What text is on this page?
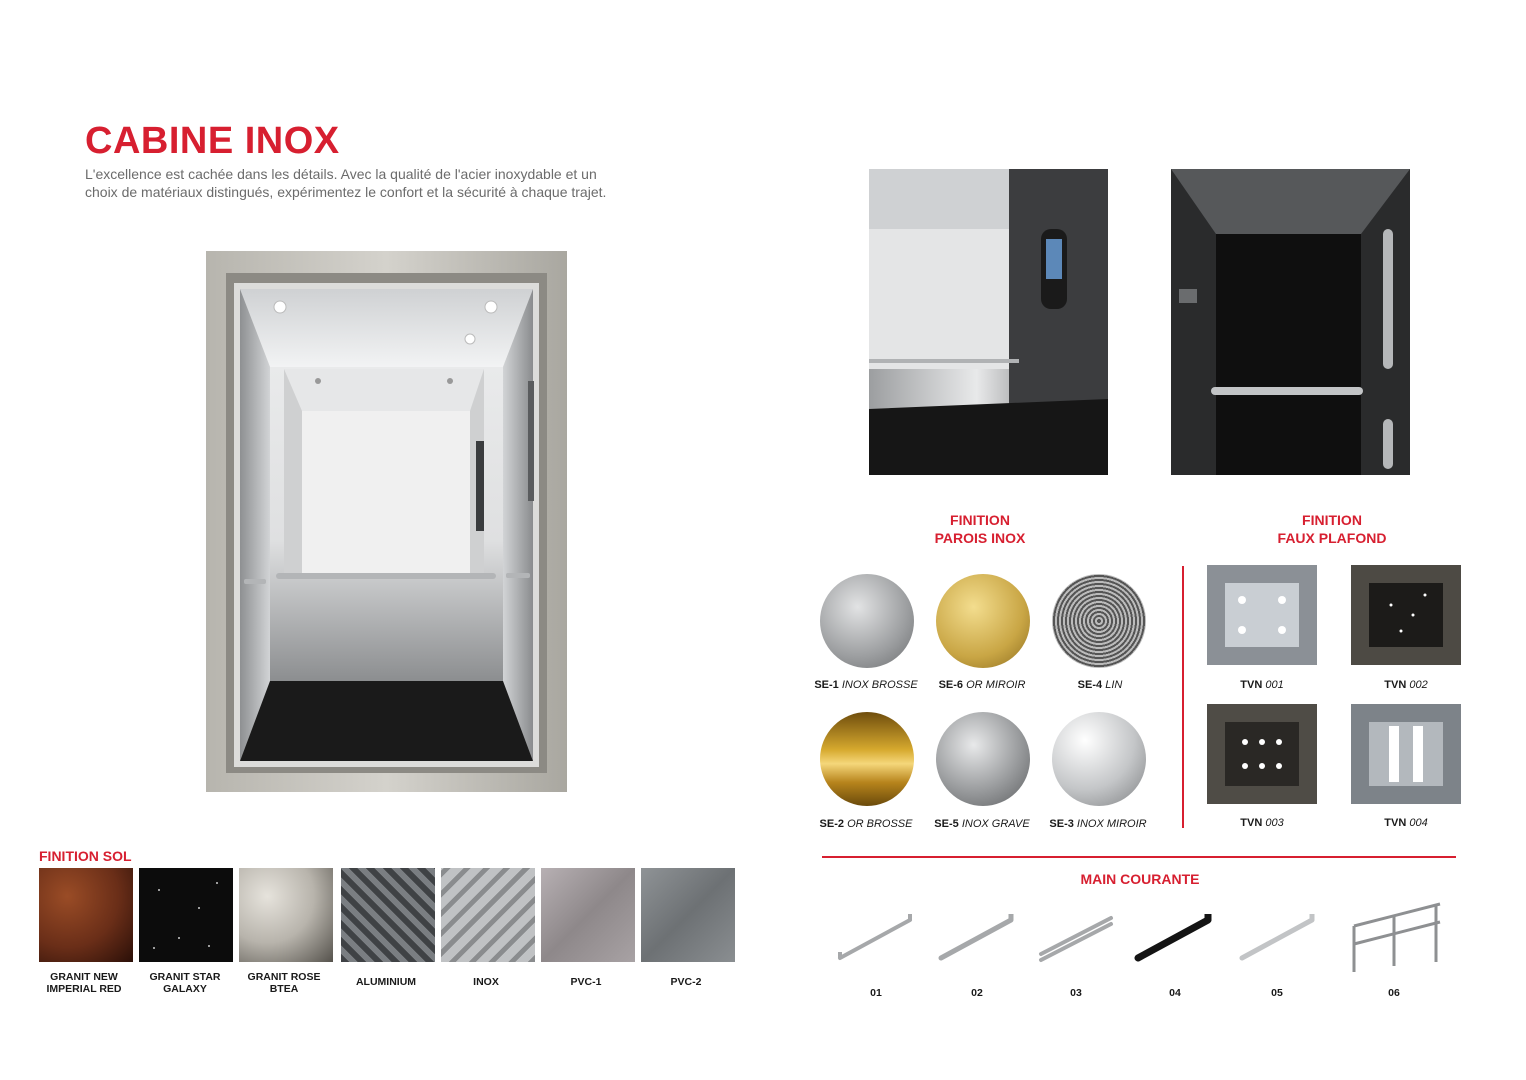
CABINE INOX
L'excellence est cachée dans les détails. Avec la qualité de l'acier inoxydable et un
choix de matériaux distingués, expérimentez le confort et la sécurité à chaque trajet.
FINITION
PAROIS INOX
SE-1 INOX BROSSE	SE-6 OR MIROIR	SE-4 LIN
SE-2 OR BROSSE	SE-5 INOX GRAVE	SE-3 INOX MIROIR
FINITION
FAUX PLAFOND
TVN 001	TVN 002
TVN 003	TVN 004
MAIN COURANTE
01	02	03	04	05	06
FINITION SOL
GRANIT NEW
IMPERIAL RED
GRANIT STAR
GALAXY
GRANIT ROSE
BTEA
ALUMINIUM	INOX	PVC-1	PVC-2
